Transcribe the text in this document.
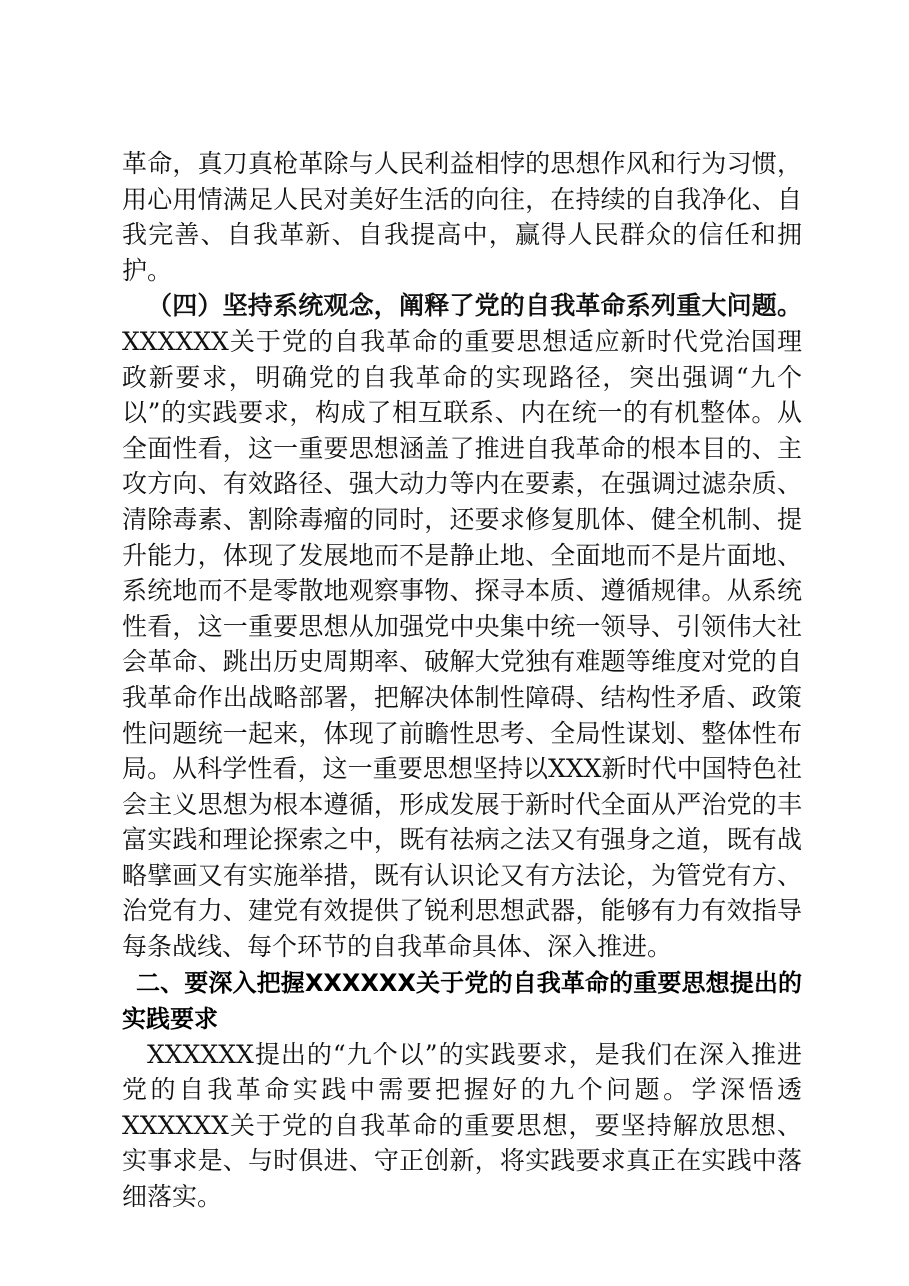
革命，真刀真枪革除与人民利益相悖的思想作风和行为习惯，用心用情满足人民对美好生活的向往，在持续的自我净化、自我完善、自我革新、自我提高中，赢得人民群众的信任和拥护。

（四）坚持系统观念，阐释了党的自我革命系列重大问题。XXXXXX关于党的自我革命的重要思想适应新时代党治国理政新要求，明确党的自我革命的实现路径，突出强调“九个以”的实践要求，构成了相互联系、内在统一的有机整体。从全面性看，这一重要思想涵盖了推进自我革命的根本目的、主攻方向、有效路径、强大动力等内在要素，在强调过滤杂质、清除毒素、割除毒瘤的同时，还要求修复肌体、健全机制、提升能力，体现了发展地而不是静止地、全面地而不是片面地、系统地而不是零散地观察事物、探寻本质、遵循规律。从系统性看，这一重要思想从加强党中央集中统一领导、引领伟大社会革命、跳出历史周期率、破解大党独有难题等维度对党的自我革命作出战略部署，把解决体制性障碍、结构性矛盾、政策性问题统一起来，体现了前瞻性思考、全局性谋划、整体性布局。从科学性看，这一重要思想坚持以XXX新时代中国特色社会主义思想为根本遵循，形成发展于新时代全面从严治党的丰富实践和理论探索之中，既有祛病之法又有强身之道，既有战略擘画又有实施举措，既有认识论又有方法论，为管党有方、治党有力、建党有效提供了锐利思想武器，能够有力有效指导每条战线、每个环节的自我革命具体、深入推进。

二、要深入把握XXXXXX关于党的自我革命的重要思想提出的实践要求

XXXXXX提出的“九个以”的实践要求，是我们在深入推进党的自我革命实践中需要把握好的九个问题。学深悟透XXXXXX关于党的自我革命的重要思想，要坚持解放思想、实事求是、与时俱进、守正创新，将实践要求真正在实践中落细落实。
